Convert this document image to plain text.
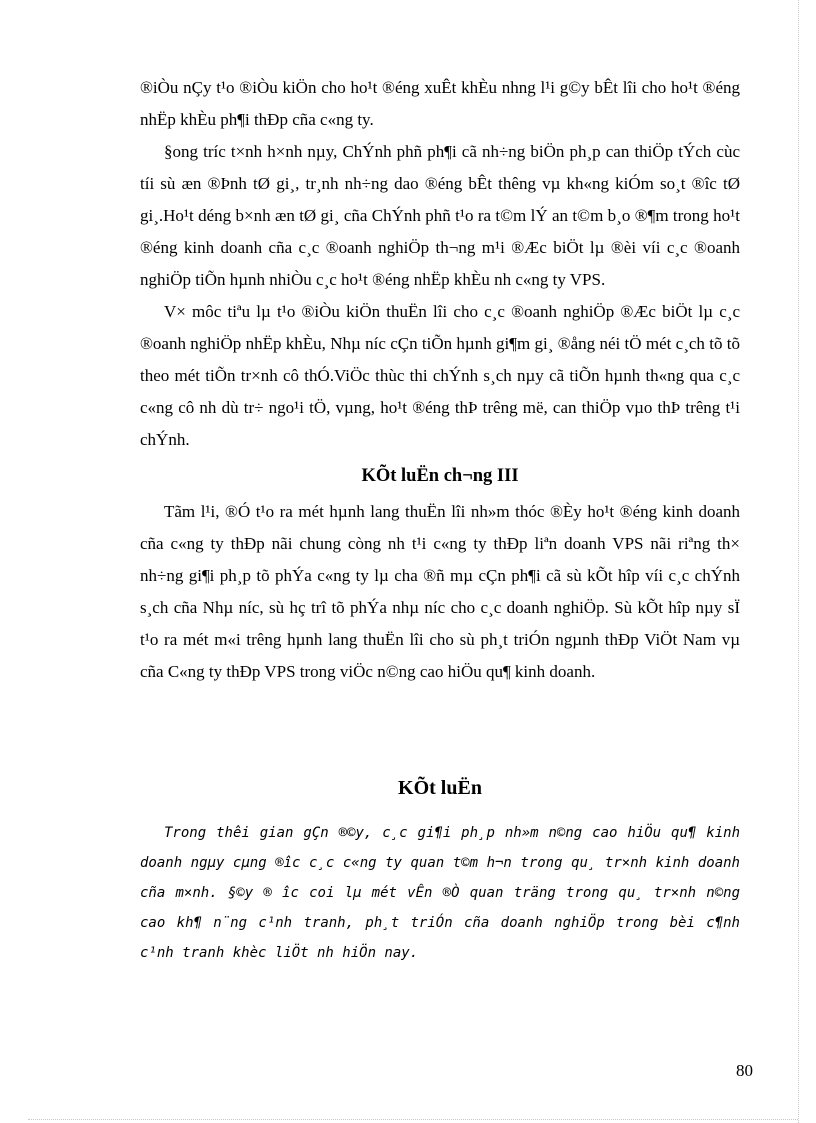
®iÒu nÇy t¹o ®iÒu kiÖn cho ho¹t ®éng xuÊt khÈu nhng l¹i g©y bÊt lîi cho ho¹t ®éng nhËp khÈu ph¶i thÐp cña c«ng ty.

§ong tríc t×nh h×nh nµy, ChÝnh phñ ph¶i cã nh÷ng biÖn ph¸p can thiÖp tÝch cùc tíi sù æn ®Þnh tØ gi¸, tr¸nh nh÷ng dao ®éng bÊt thêng vµ kh«ng kiÓm so¸t ®îc tØ gi¸.Ho¹t déng b×nh æn tØ gi¸ cña ChÝnh phñ t¹o ra t©m lÝ an t©m b¸o ®¶m trong ho¹t ®éng kinh doanh cña c¸c ®oanh nghiÖp th¬ng m¹i ®Æc biÖt lµ ®èi víi c¸c ®oanh nghiÖp tiÕn hµnh nhiÒu c¸c ho¹t ®éng nhËp khÈu nh c«ng ty VPS.

V× môc tiªu lµ t¹o ®iÒu kiÖn thuËn lîi cho c¸c ®oanh nghiÖp ®Æc biÖt lµ c¸c ®oanh nghiÖp nhËp khÈu, Nhµ níc cÇn tiÕn hµnh gi¶m gi¸ ®ång néi tÖ mét c¸ch tõ tõ theo mét tiÕn tr×nh cô thÓ.ViÖc thùc thi chÝnh s¸ch nµy cã tiÕn hµnh th«ng qua c¸c c«ng cô nh dù tr÷ ngo¹i tÖ, vµng, ho¹t ®éng thÞ trêng më, can thiÖp vµo thÞ trêng t¹i chÝnh.

KÕt luËn ch¬ng III

Tãm l¹i, ®Ó t¹o ra mét hµnh lang thuËn lîi nh»m thóc ®Èy ho¹t ®éng kinh doanh cña c«ng ty thÐp nãi chung còng nh t¹i c«ng ty thÐp liªn doanh VPS nãi riªng th× nh÷ng gi¶i ph¸p tõ phÝa c«ng ty lµ cha ®ñ mµ cÇn ph¶i cã sù kÕt hîp víi c¸c chÝnh s¸ch cña Nhµ níc, sù hç trî tõ phÝa nhµ níc cho c¸c doanh nghiÖp. Sù kÕt hîp nµy sÏ t¹o ra mét m«i trêng hµnh lang thuËn lîi cho sù ph¸t triÓn ngµnh thÐp ViÖt Nam vµ cña C«ng ty thÐp VPS trong viÖc n©ng cao hiÖu qu¶ kinh doanh.

KÕt luËn

Trong thêi gian gÇn ®©y, c¸c gi¶i ph¸p nh»m n©ng cao hiÖu qu¶ kinh doanh ngµy cµng ®îc c¸c c«ng ty quan t©m h¬n trong qu¸ tr×nh kinh doanh cña m×nh. §©y ® îc coi lµ mét vÊn ®Ò quan träng trong qu¸ tr×nh n©ng cao kh¶ n¨ng c¹nh tranh, ph¸t triÓn cña doanh nghiÖp trong bèi c¶nh c¹nh tranh khèc liÖt nh hiÖn nay.

80
